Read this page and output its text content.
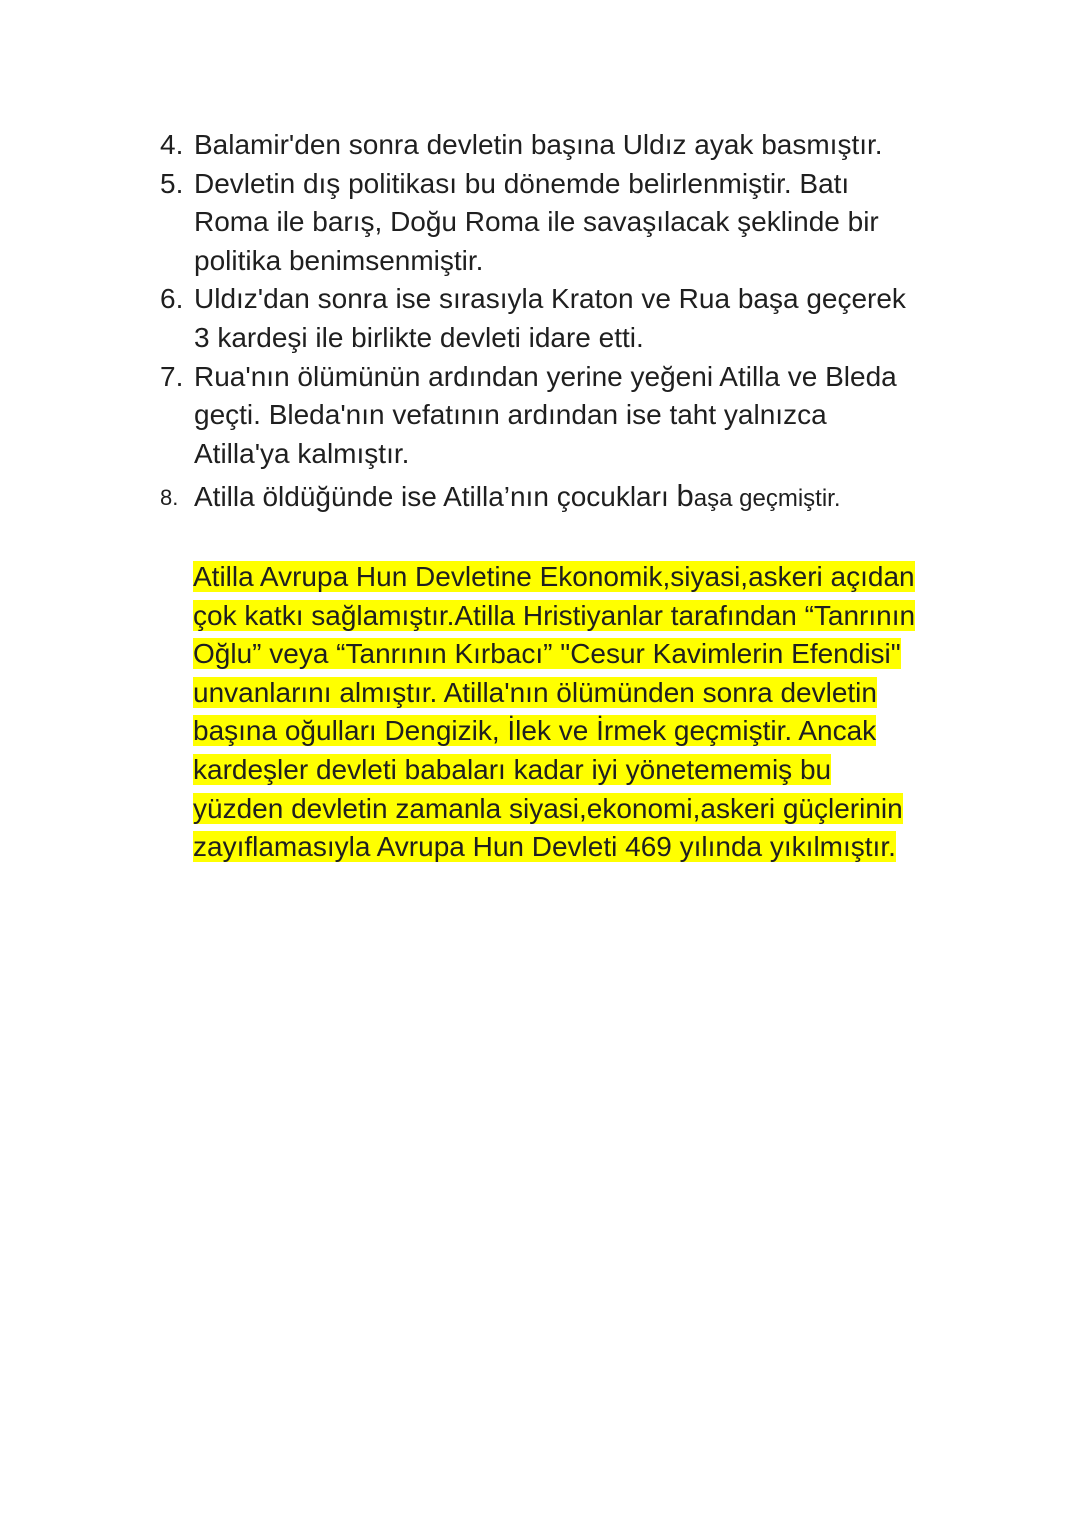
4. Balamir'den sonra devletin başına Uldız ayak basmıştır.
5. Devletin dış politikası bu dönemde belirlenmiştir. Batı
Roma ile barış, Doğu Roma ile savaşılacak şeklinde bir
politika benimsenmiştir.
6. Uldız'dan sonra ise sırasıyla Kraton ve Rua başa geçerek
3 kardeşi ile birlikte devleti idare etti.
7. Rua'nın ölümünün ardından yerine yeğeni Atilla ve Bleda
geçti. Bleda'nın vefatının ardından ise taht yalnızca
Atilla'ya kalmıştır.
8. Atilla öldüğünde ise Atilla’nın çocukları başa geçmiştir.
Atilla Avrupa Hun Devletine Ekonomik,siyasi,askeri açıdan
çok katkı sağlamıştır.Atilla Hristiyanlar tarafından “Tanrının
Oğlu” veya “Tanrının Kırbacı” "Cesur Kavimlerin Efendisi"
unvanlarını almıştır. Atilla'nın ölümünden sonra devletin
başına oğulları Dengizik, İlek ve İrmek geçmiştir. Ancak
kardeşler devleti babaları kadar iyi yönetememiş bu
yüzden devletin zamanla siyasi,ekonomi,askeri güçlerinin
zayıflamasıyla Avrupa Hun Devleti 469 yılında yıkılmıştır.
